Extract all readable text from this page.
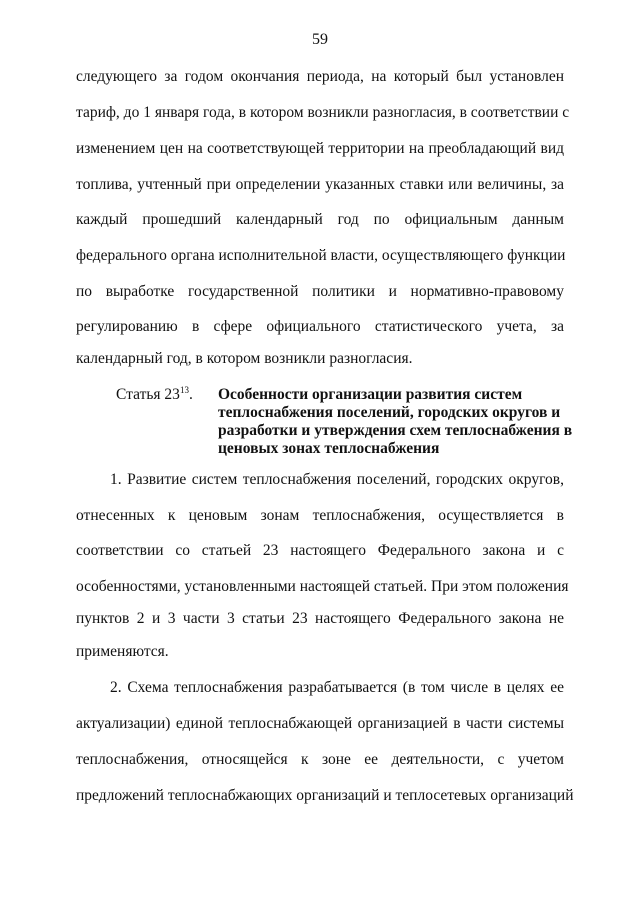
59
следующего за годом окончания периода, на который был установлен
тариф, до 1 января года, в котором возникли разногласия, в соответствии с
изменением цен на соответствующей территории на преобладающий вид
топлива, учтенный при определении указанных ставки или величины, за
каждый прошедший календарный год по официальным данным
федерального органа исполнительной власти, осуществляющего функции
по выработке государственной политики и нормативно-правовому
регулированию в сфере официального статистического учета, за
календарный год, в котором возникли разногласия.
Статья $23^{13}$. Особенности организации развития систем
теплоснабжения поселений, городских округов и
разработки и утверждения схем теплоснабжения в
ценовых зонах теплоснабжения
1. Развитие систем теплоснабжения поселений, городских округов,
отнесенных к ценовым зонам теплоснабжения, осуществляется в
соответствии со статьей 23 настоящего Федерального закона и с
особенностями, установленными настоящей статьей. При этом положения
пунктов 2 и 3 части 3 статьи 23 настоящего Федерального закона не
применяются.
2. Схема теплоснабжения разрабатывается (в том числе в целях ее
актуализации) единой теплоснабжающей организацией в части системы
теплоснабжения, относящейся к зоне ее деятельности, с учетом
предложений теплоснабжающих организаций и теплосетевых организаций
